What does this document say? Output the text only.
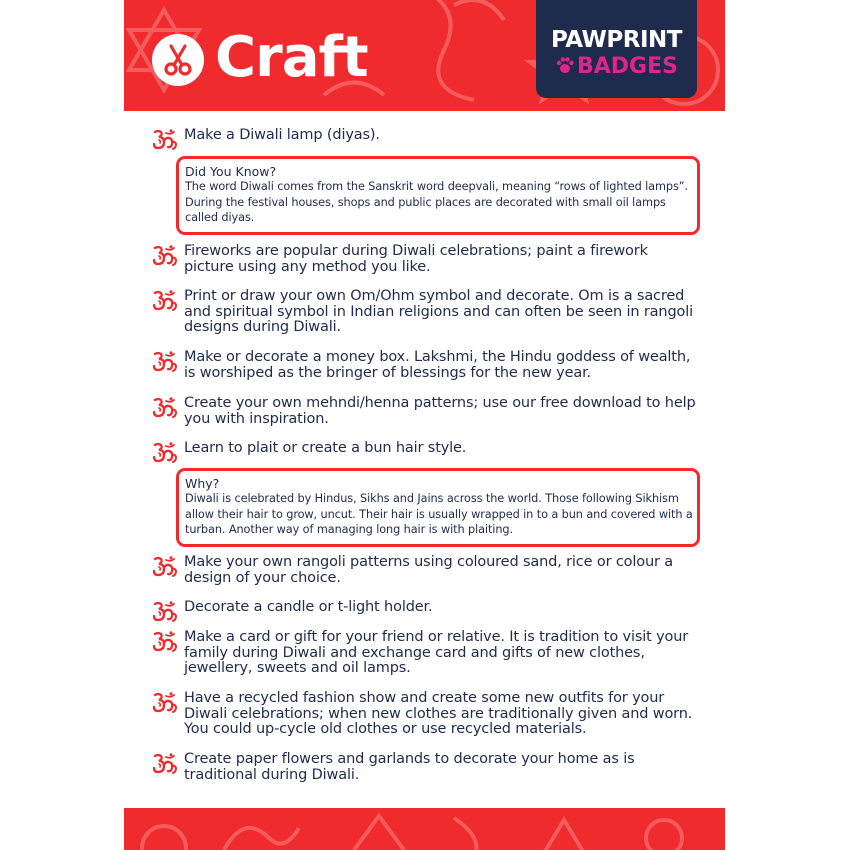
Craft	PAWPRINT
BADGES
Make a Diwali lamp (diyas).
Did You Know?
The word Diwali comes from the Sanskrit word deepvali, meaning “rows of lighted lamps”. During the festival houses, shops and public places are decorated with small oil lamps called diyas.
Fireworks are popular during Diwali celebrations; paint a firework picture using any method you like.
Print or draw your own Om/Ohm symbol and decorate. Om is a sacred and spiritual symbol in Indian religions and can often be seen in rangoli designs during Diwali.
Make or decorate a money box. Lakshmi, the Hindu goddess of wealth, is worshiped as the bringer of blessings for the new year.
Create your own mehndi/henna patterns; use our free download to help you with inspiration.
Learn to plait or create a bun hair style.
Why?
Diwali is celebrated by Hindus, Sikhs and Jains across the world. Those following Sikhism allow their hair to grow, uncut. Their hair is usually wrapped in to a bun and covered with a turban. Another way of managing long hair is with plaiting.
Make your own rangoli patterns using coloured sand, rice or colour a design of your choice.
Decorate a candle or t-light holder.
Make a card or gift for your friend or relative. It is tradition to visit your family during Diwali and exchange card and gifts of new clothes, jewellery, sweets and oil lamps.
Have a recycled fashion show and create some new outfits for your Diwali celebrations; when new clothes are traditionally given and worn. You could up-cycle old clothes or use recycled materials.
Create paper flowers and garlands to decorate your home as is traditional during Diwali.
